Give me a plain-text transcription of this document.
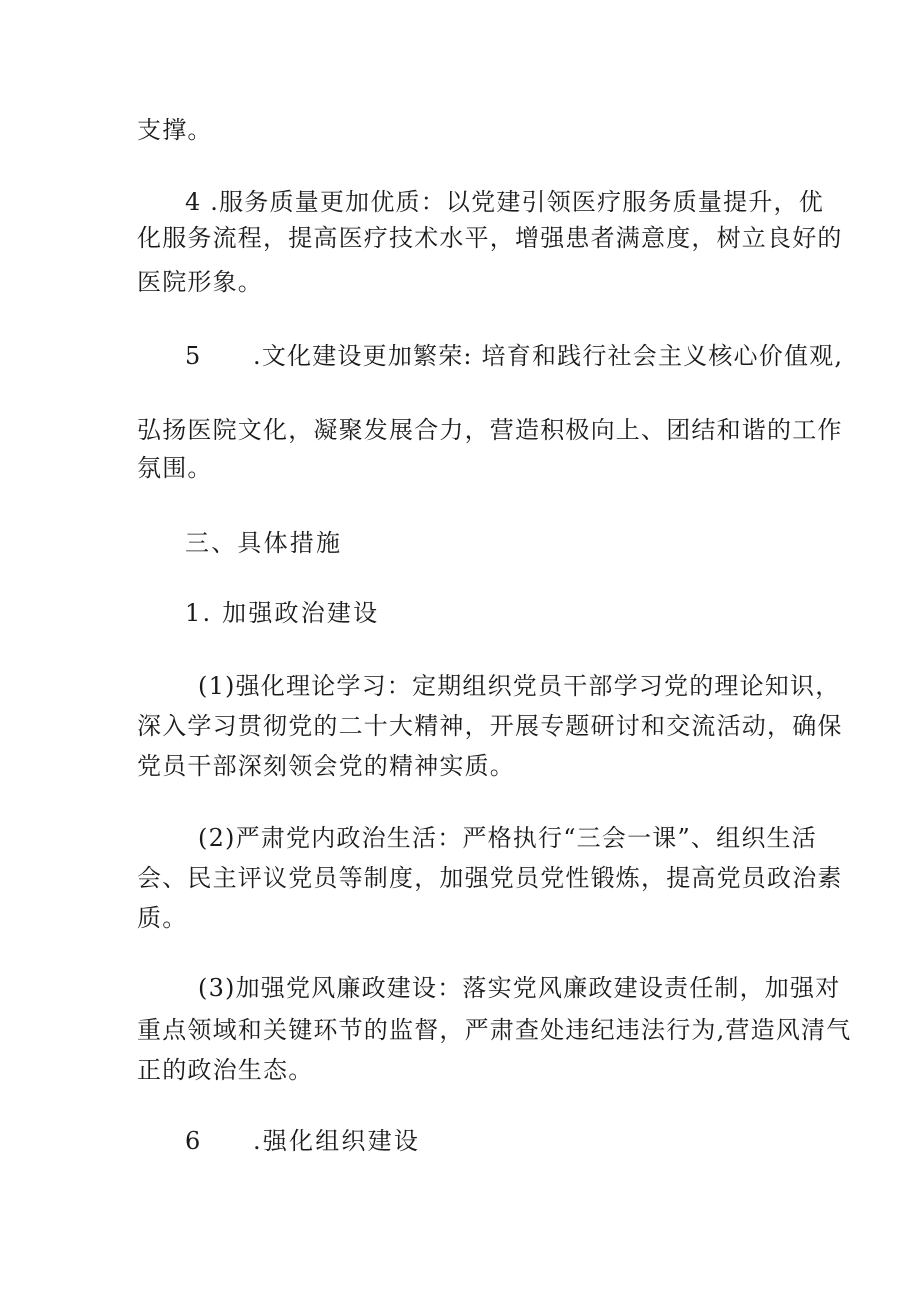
支撑。
4 .服务质量更加优质：以党建引领医疗服务质量提升，优
化服务流程，提高医疗技术水平，增强患者满意度，树立良好的
医院形象。
5 .文化建设更加繁荣: 培育和践行社会主义核心价值观,
弘扬医院文化，凝聚发展合力，营造积极向上、团结和谐的工作
氛围。
三、具体措施
1. 加强政治建设
(1)强化理论学习：定期组织党员干部学习党的理论知识，
深入学习贯彻党的二十大精神，开展专题研讨和交流活动，确保
党员干部深刻领会党的精神实质。
(2)严肃党内政治生活：严格执行“三会一课”、组织生活
会、民主评议党员等制度，加强党员党性锻炼，提高党员政治素
质。
(3)加强党风廉政建设：落实党风廉政建设责任制，加强对
重点领域和关键环节的监督，严肃查处违纪违法行为,营造风清气
正的政治生态。
6 .强化组织建设
